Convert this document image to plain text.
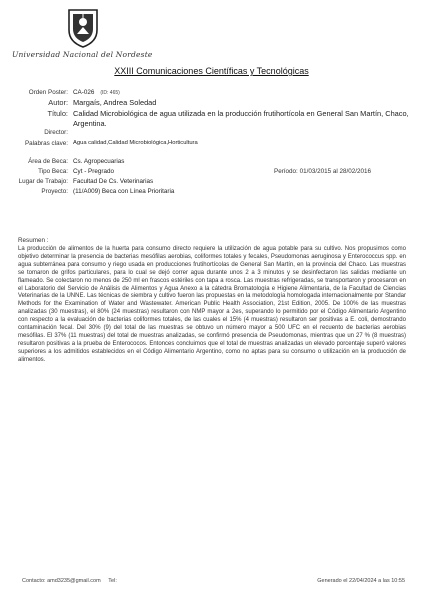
Universidad Nacional del Nordeste
XXIII Comunicaciones Científicas y Tecnológicas
Orden Poster: CA-026 (ID: 465)
Autor: Margaís, Andrea Soledad
Título: Calidad Microbiológica de agua utilizada en la producción frutihortícola en General San Martín, Chaco, Argentina.
Director:
Palabras clave: Agua calidad,Calidad Microbiológica,Horticultura
Área de Beca: Cs. Agropecuarias
Tipo Beca: Cyt - Pregrado	Período: 01/03/2015 al 28/02/2016
Lugar de Trabajo: Facultad De Cs. Veterinarias
Proyecto: (11/A009) Beca con Línea Prioritaria
Resumen :
La producción de alimentos de la huerta para consumo directo requiere la utilización de agua potable para su cultivo. Nos propusimos como objetivo determinar la presencia de bacterias mesófilas aerobias, coliformes totales y fecales, Pseudomonas aeruginosa y Enterococcus spp. en agua subterránea para consumo y riego usada en producciones frutihortícolas de General San Martín, en la provincia del Chaco. Las muestras se tomaron de grifos particulares, para lo cual se dejó correr agua durante unos 2 a 3 minutos y se desinfectaron las salidas mediante un flameado. Se colectaron no menos de 250 ml en frascos estériles con tapa a rosca. Las muestras refrigeradas, se transportaron y procesaron en el Laboratorio del Servicio de Análisis de Alimentos y Agua Anexo a la cátedra Bromatología e Higiene Alimentaria, de la Facultad de Ciencias Veterinarias de la UNNE. Las técnicas de siembra y cultivo fueron las propuestas en la metodología homologada internacionalmente por Standar Methods for the Examination of Water and Wastewater. American Public Health Association, 21st Edition, 2005. De 100% de las muestras analizadas (30 muestras), el 80% (24 muestras) resultaron con NMP mayor a 2es, superando lo permitido por el Código Alimentario Argentino con respecto a la evaluación de bacterias coliformes totales, de las cuales el 15% (4 muestras) resultaron ser positivas a E. coli, demostrando contaminación fecal. Del 30% (9) del total de las muestras se obtuvo un número mayor a 500 UFC en el recuento de bacterias aerobias mesófilas. El 37% (11 muestras) del total de muestras analizadas, se confirmó presencia de Pseudomonas, mientras que un 27 % (8 muestras) resultaron positivas a la prueba de Enterococos. Entonces concluimos que el total de muestras analizadas un elevado porcentaje superó valores superiores a los admitidos establecidos en el Código Alimentario Argentino, como no aptas para su consumo o utilización en la producción de alimentos.
Contacto: amd3235@gmail.com Tel:	Generado el 22/04/2024 a las 10:55
